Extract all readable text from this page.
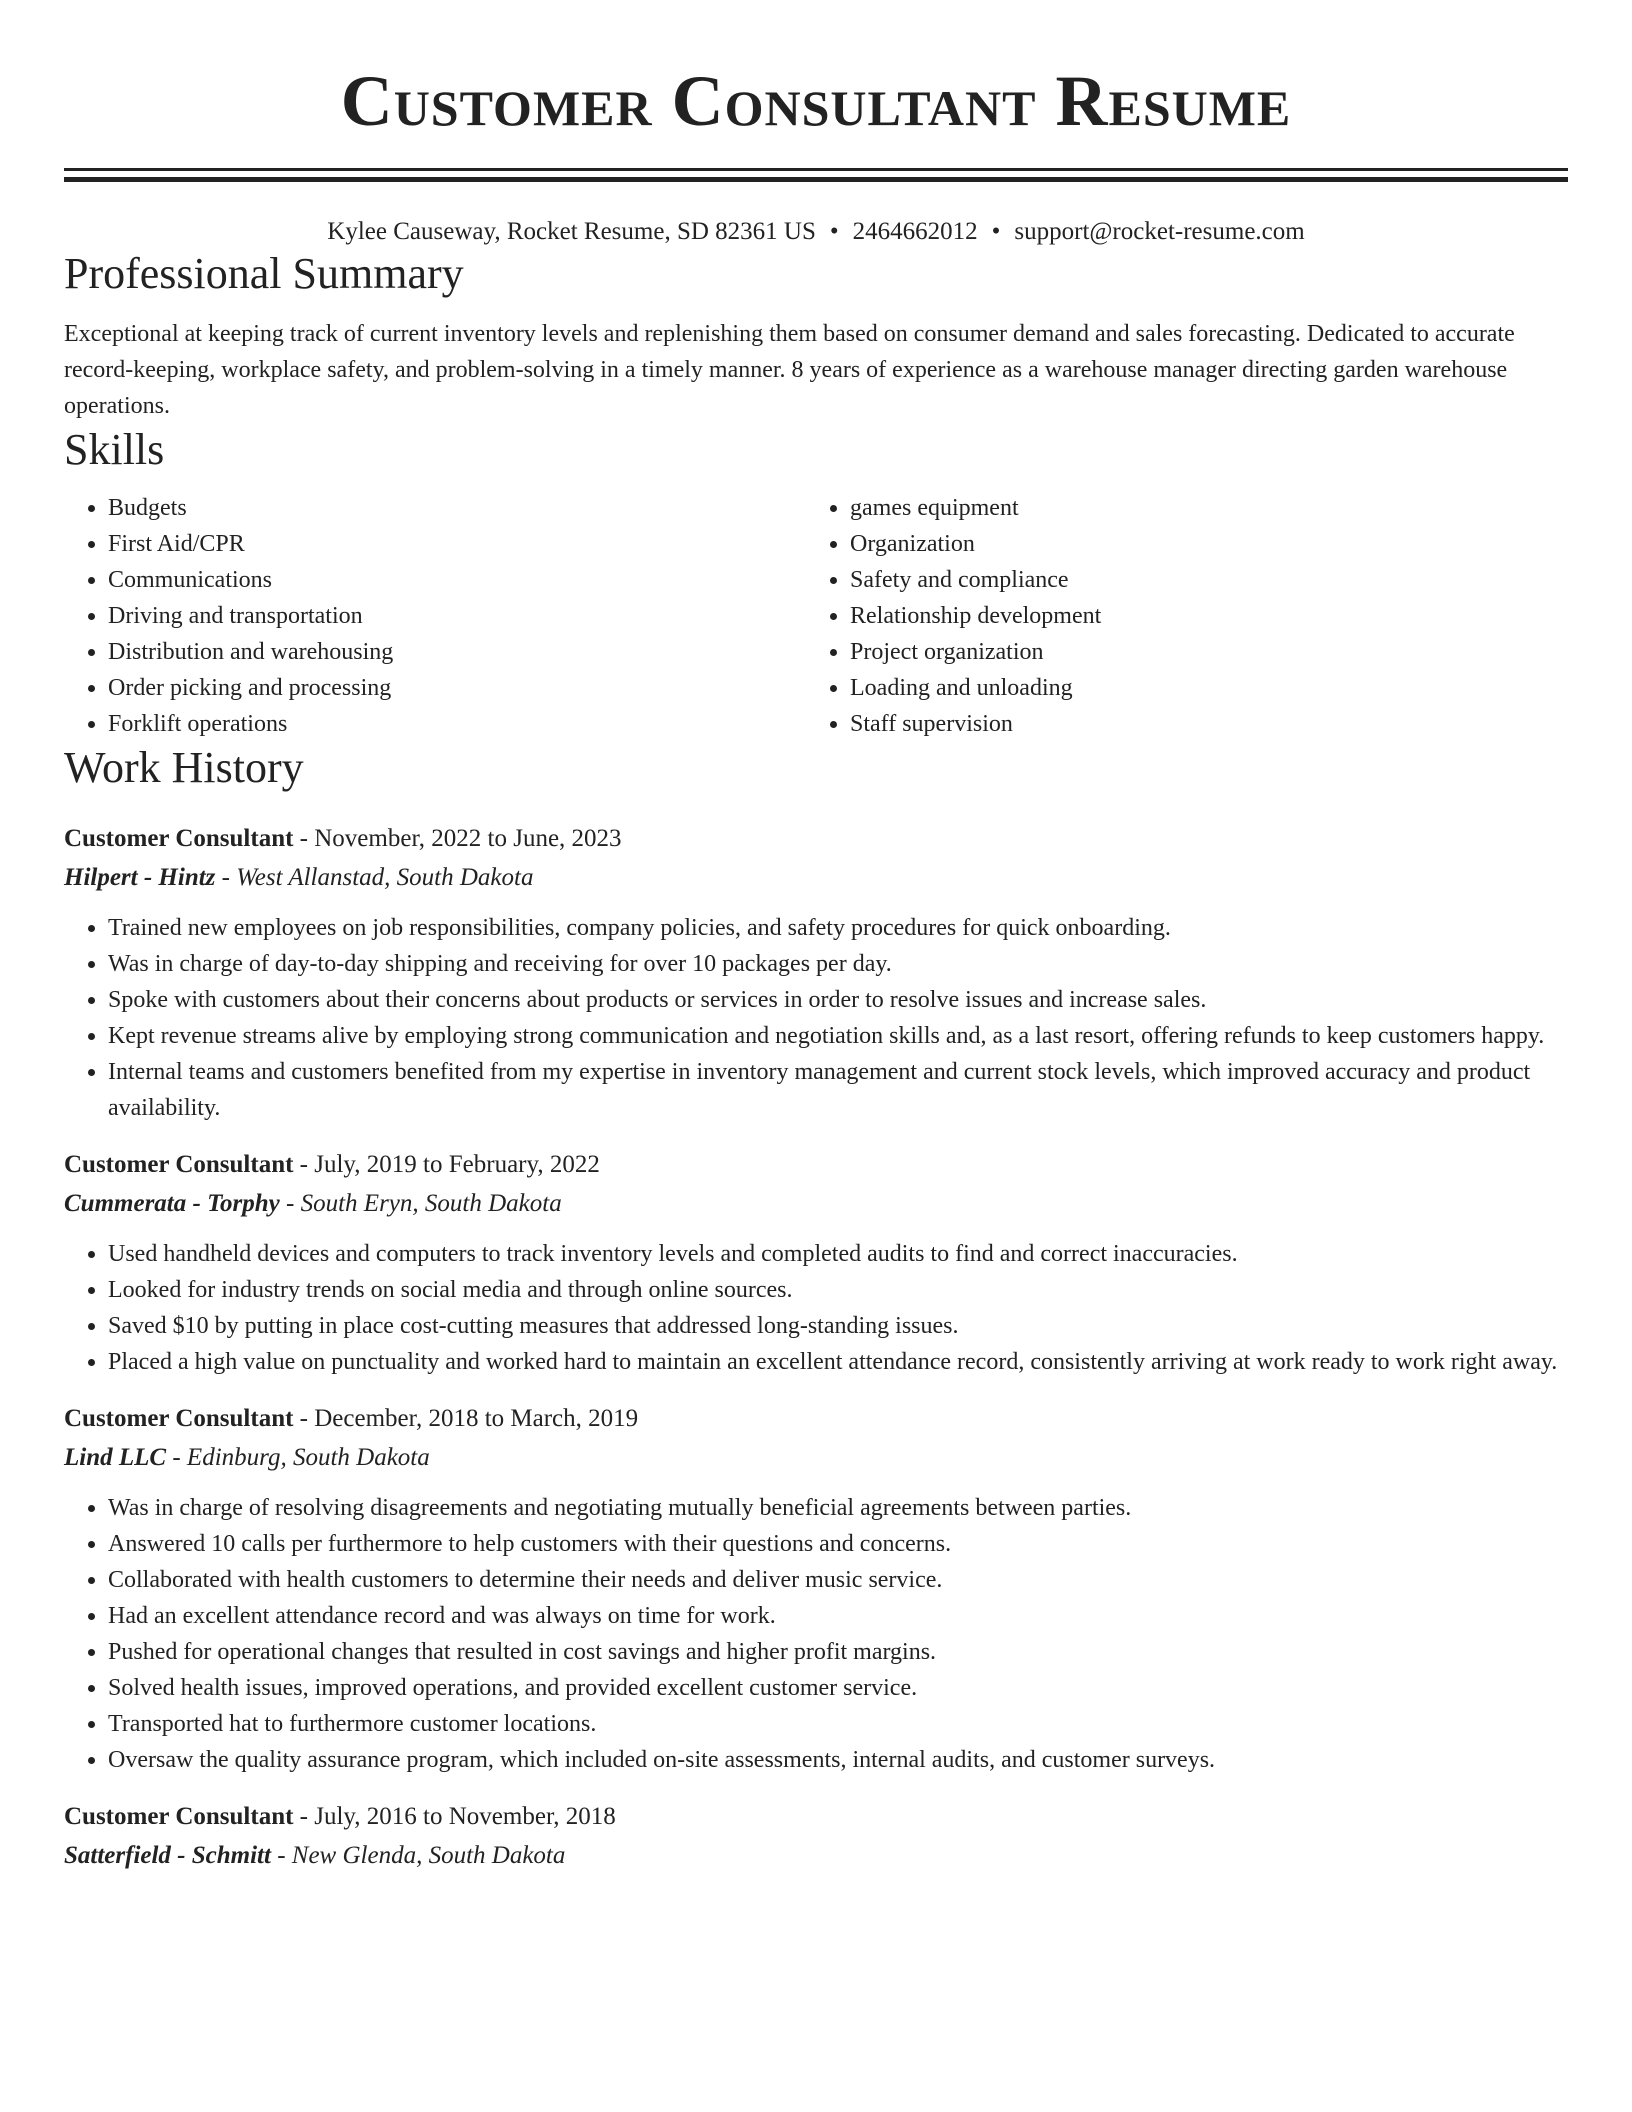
Customer Consultant Resume
Kylee Causeway, Rocket Resume, SD 82361 US • 2464662012 • support@rocket-resume.com
Professional Summary

Exceptional at keeping track of current inventory levels and replenishing them based on consumer demand and sales forecasting. Dedicated to accurate record-keeping, workplace safety, and problem-solving in a timely manner. 8 years of experience as a warehouse manager directing garden warehouse operations.

Skills
• Budgets
• First Aid/CPR
• Communications
• Driving and transportation
• Distribution and warehousing
• Order picking and processing
• Forklift operations
• games equipment
• Organization
• Safety and compliance
• Relationship development
• Project organization
• Loading and unloading
• Staff supervision
Work History
Customer Consultant - November, 2022 to June, 2023
Hilpert - Hintz - West Allanstad, South Dakota
• Trained new employees on job responsibilities, company policies, and safety procedures for quick onboarding.
• Was in charge of day-to-day shipping and receiving for over 10 packages per day.
• Spoke with customers about their concerns about products or services in order to resolve issues and increase sales.
• Kept revenue streams alive by employing strong communication and negotiation skills and, as a last resort, offering refunds to keep customers happy.
• Internal teams and customers benefited from my expertise in inventory management and current stock levels, which improved accuracy and product availability.
Customer Consultant - July, 2019 to February, 2022
Cummerata - Torphy - South Eryn, South Dakota
• Used handheld devices and computers to track inventory levels and completed audits to find and correct inaccuracies.
• Looked for industry trends on social media and through online sources.
• Saved $10 by putting in place cost-cutting measures that addressed long-standing issues.
• Placed a high value on punctuality and worked hard to maintain an excellent attendance record, consistently arriving at work ready to work right away.
Customer Consultant - December, 2018 to March, 2019
Lind LLC - Edinburg, South Dakota
• Was in charge of resolving disagreements and negotiating mutually beneficial agreements between parties.
• Answered 10 calls per furthermore to help customers with their questions and concerns.
• Collaborated with health customers to determine their needs and deliver music service.
• Had an excellent attendance record and was always on time for work.
• Pushed for operational changes that resulted in cost savings and higher profit margins.
• Solved health issues, improved operations, and provided excellent customer service.
• Transported hat to furthermore customer locations.
• Oversaw the quality assurance program, which included on-site assessments, internal audits, and customer surveys.
Customer Consultant - July, 2016 to November, 2018
Satterfield - Schmitt - New Glenda, South Dakota
